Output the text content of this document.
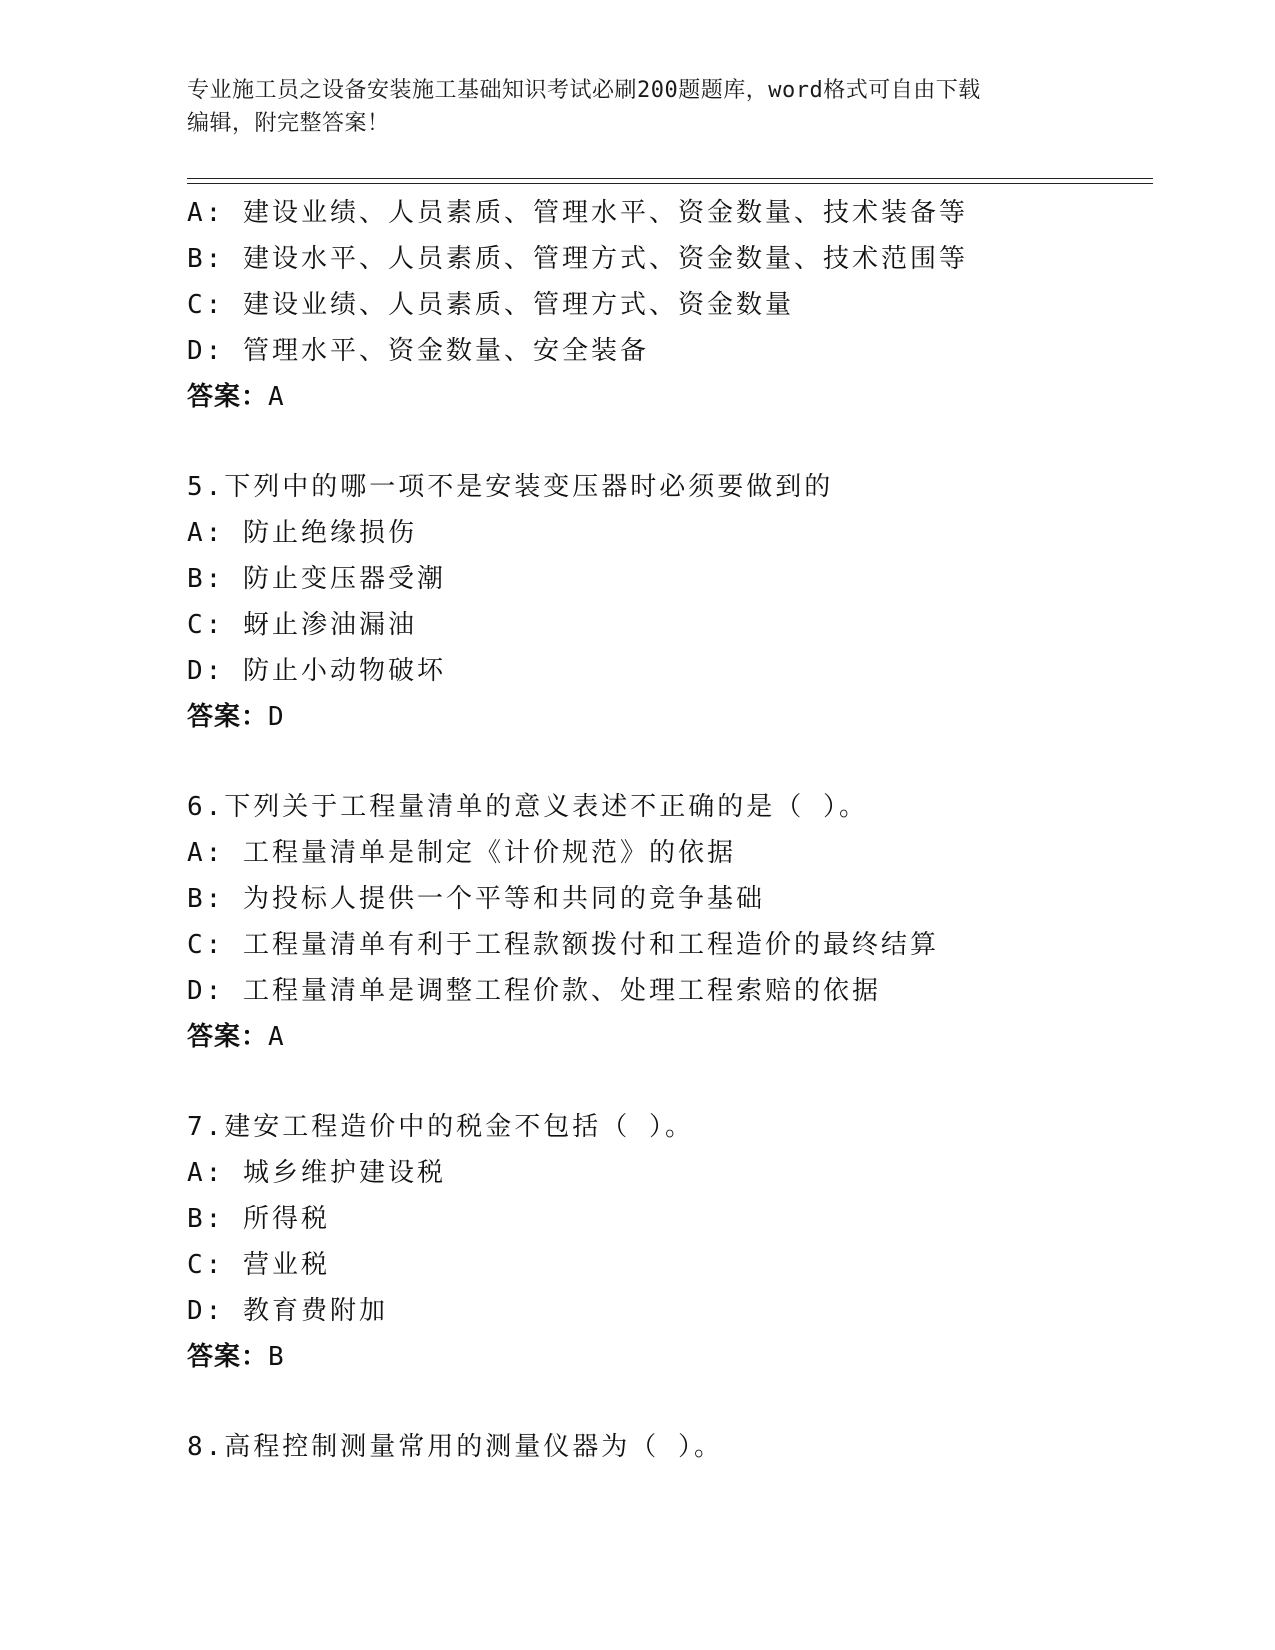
专业施工员之设备安装施工基础知识考试必刷200题题库，word格式可自由下载
编辑，附完整答案！
A: 建设业绩、人员素质、管理水平、资金数量、技术装备等
B: 建设水平、人员素质、管理方式、资金数量、技术范围等
C: 建设业绩、人员素质、管理方式、资金数量
D: 管理水平、资金数量、安全装备
答案：A
5.下列中的哪一项不是安装变压器时必须要做到的
A: 防止绝缘损伤
B: 防止变压器受潮
C: 蚜止渗油漏油
D: 防止小动物破坏
答案：D
6.下列关于工程量清单的意义表述不正确的是（ ）。
A: 工程量清单是制定《计价规范》的依据
B: 为投标人提供一个平等和共同的竞争基础
C: 工程量清单有利于工程款额拨付和工程造价的最终结算
D: 工程量清单是调整工程价款、处理工程索赔的依据
答案：A
7.建安工程造价中的税金不包括（ ）。
A: 城乡维护建设税
B: 所得税
C: 营业税
D: 教育费附加
答案：B
8.高程控制测量常用的测量仪器为（ ）。
